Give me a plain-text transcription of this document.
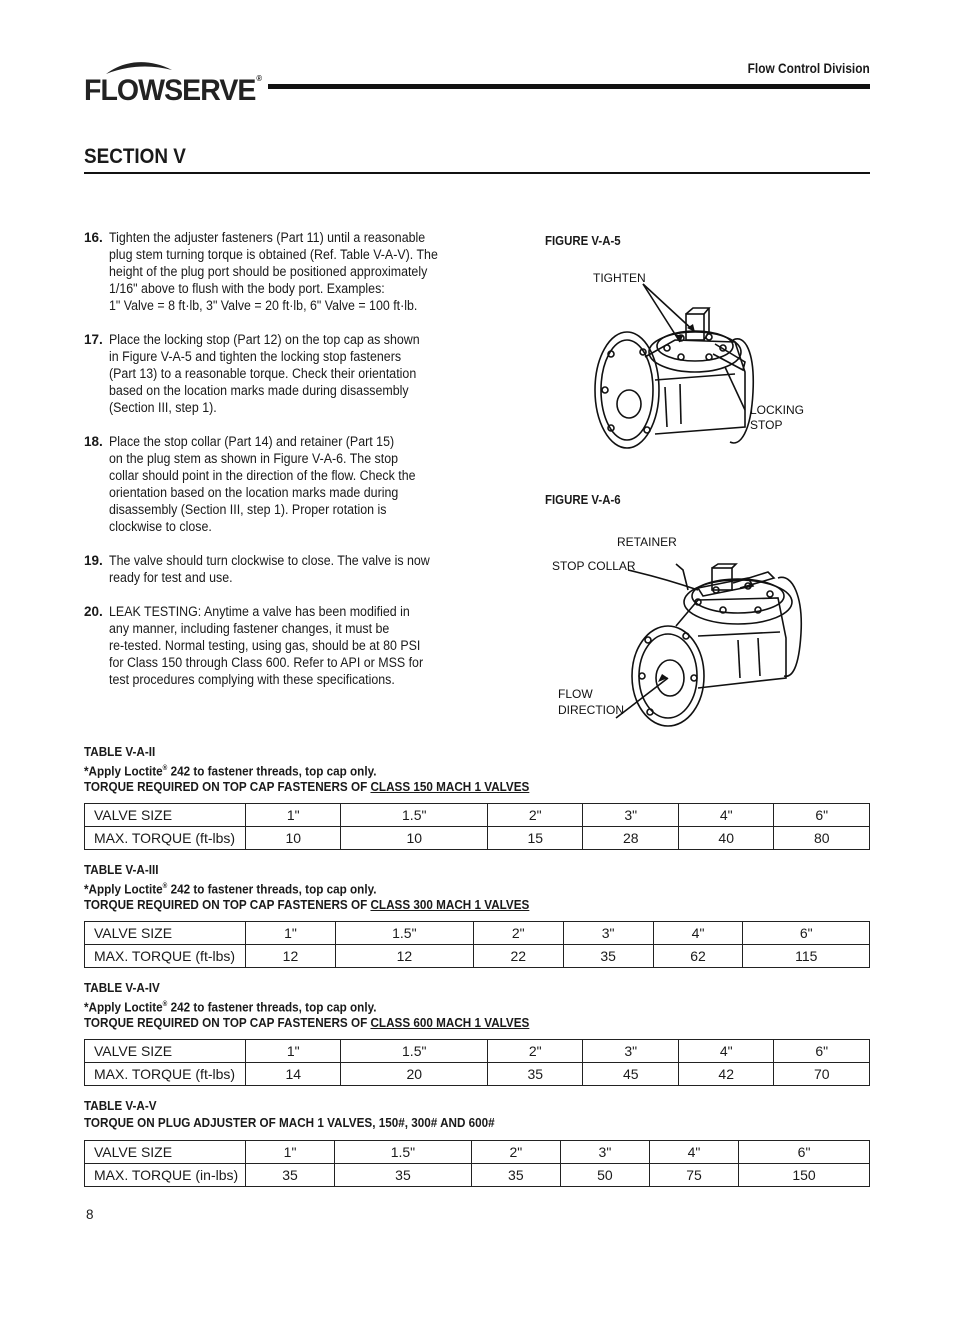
FLOWSERVE®
Flow Control Division
SECTION V
16. Tighten the adjuster fasteners (Part 11) until a reasonable
plug stem turning torque is obtained (Ref. Table V-A-V). The
height of the plug port should be positioned approximately
1/16" above to flush with the body port. Examples:
1" Valve = 8 ft·lb, 3" Valve = 20 ft·lb, 6" Valve = 100 ft·lb.
17. Place the locking stop (Part 12) on the top cap as shown
in Figure V-A-5 and tighten the locking stop fasteners
(Part 13) to a reasonable torque. Check their orientation
based on the location marks made during disassembly
(Section III, step 1).
18. Place the stop collar (Part 14) and retainer (Part 15)
on the plug stem as shown in Figure V-A-6. The stop
collar should point in the direction of the flow. Check the
orientation based on the location marks made during
disassembly (Section III, step 1). Proper rotation is
clockwise to close.
19. The valve should turn clockwise to close. The valve is now
ready for test and use.
20. LEAK TESTING: Anytime a valve has been modified in
any manner, including fastener changes, it must be
re-tested. Normal testing, using gas, should be at 80 PSI
for Class 150 through Class 600. Refer to API or MSS for
test procedures complying with these specifications.
FIGURE V-A-5
TIGHTEN
LOCKING
STOP
FIGURE V-A-6
RETAINER
STOP COLLAR
FLOW
DIRECTION
TABLE V-A-II
*Apply Loctite® 242 to fastener threads, top cap only.
TORQUE REQUIRED ON TOP CAP FASTENERS OF CLASS 150 MACH 1 VALVES
VALVE SIZE	1"	1.5"	2"	3"	4"	6"
MAX. TORQUE (ft-lbs)	10	10	15	28	40	80
TABLE V-A-III
*Apply Loctite® 242 to fastener threads, top cap only.
TORQUE REQUIRED ON TOP CAP FASTENERS OF CLASS 300 MACH 1 VALVES
VALVE SIZE	1"	1.5"	2"	3"	4"	6"
MAX. TORQUE (ft-lbs)	12	12	22	35	62	115
TABLE V-A-IV
*Apply Loctite® 242 to fastener threads, top cap only.
TORQUE REQUIRED ON TOP CAP FASTENERS OF CLASS 600 MACH 1 VALVES
VALVE SIZE	1"	1.5"	2"	3"	4"	6"
MAX. TORQUE (ft-lbs)	14	20	35	45	42	70
TABLE V-A-V
TORQUE ON PLUG ADJUSTER OF MACH 1 VALVES, 150#, 300# AND 600#
VALVE SIZE	1"	1.5"	2"	3"	4"	6"
MAX. TORQUE (in-lbs)	35	35	35	50	75	150
8
